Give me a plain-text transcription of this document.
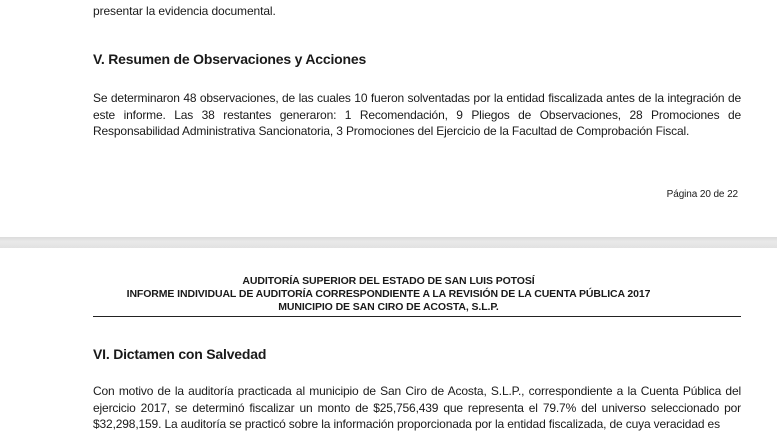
presentar la evidencia documental.
V. Resumen de Observaciones y Acciones
Se determinaron 48 observaciones, de las cuales 10 fueron solventadas por la entidad fiscalizada antes de la integración de este informe. Las 38 restantes generaron: 1 Recomendación, 9 Pliegos de Observaciones, 28 Promociones de Responsabilidad Administrativa Sancionatoria, 3 Promociones del Ejercicio de la Facultad de Comprobación Fiscal.
Página 20 de 22
AUDITORÍA SUPERIOR DEL ESTADO DE SAN LUIS POTOSÍ
INFORME INDIVIDUAL DE AUDITORÍA CORRESPONDIENTE A LA REVISIÓN DE LA CUENTA PÚBLICA 2017
MUNICIPIO DE SAN CIRO DE ACOSTA, S.L.P.
VI. Dictamen con Salvedad
Con motivo de la auditoría practicada al municipio de San Ciro de Acosta, S.L.P., correspondiente a la Cuenta Pública del ejercicio 2017, se determinó fiscalizar un monto de $25,756,439 que representa el 79.7% del universo seleccionado por $32,298,159. La auditoría se practicó sobre la información proporcionada por la entidad fiscalizada, de cuya veracidad es
